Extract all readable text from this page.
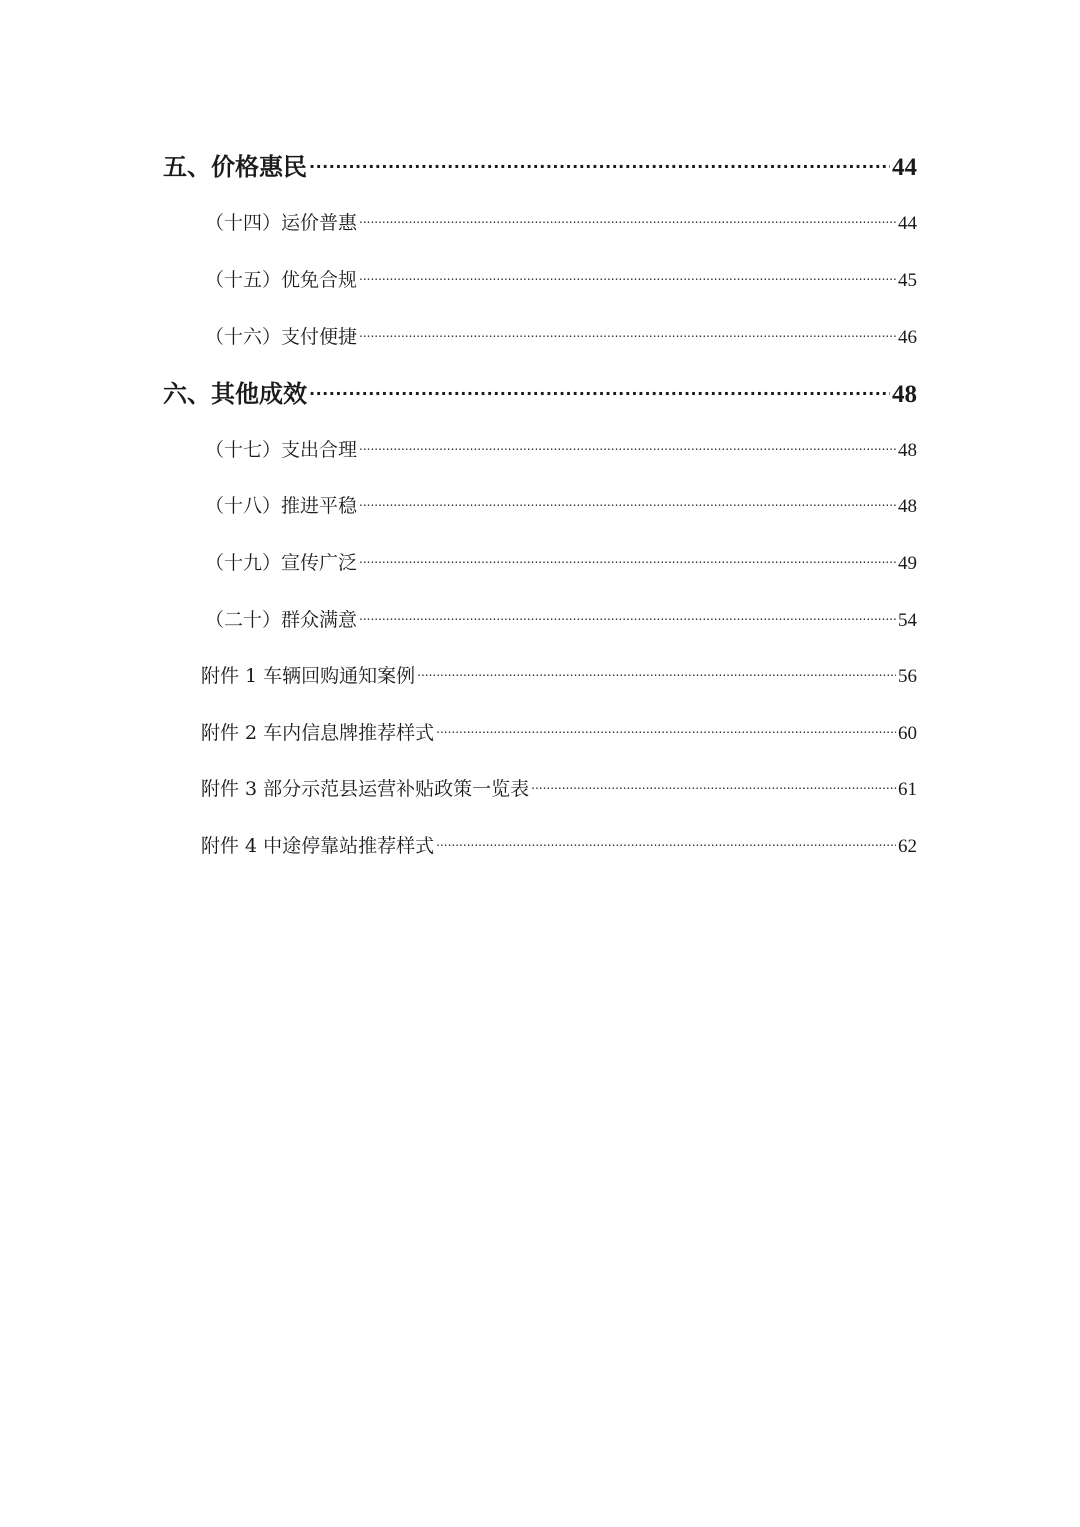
五、价格惠民 .....	44
（十四）运价普惠 .....	44
（十五）优免合规 .....	45
（十六）支付便捷 .....	46
六、其他成效 .....	48
（十七）支出合理 .....	48
（十八）推进平稳 .....	48
（十九）宣传广泛 .....	49
（二十）群众满意 .....	54
附件 1 车辆回购通知案例 .....	56
附件 2 车内信息牌推荐样式 .....	60
附件 3 部分示范县运营补贴政策一览表 .....	61
附件 4 中途停靠站推荐样式 .....	62
